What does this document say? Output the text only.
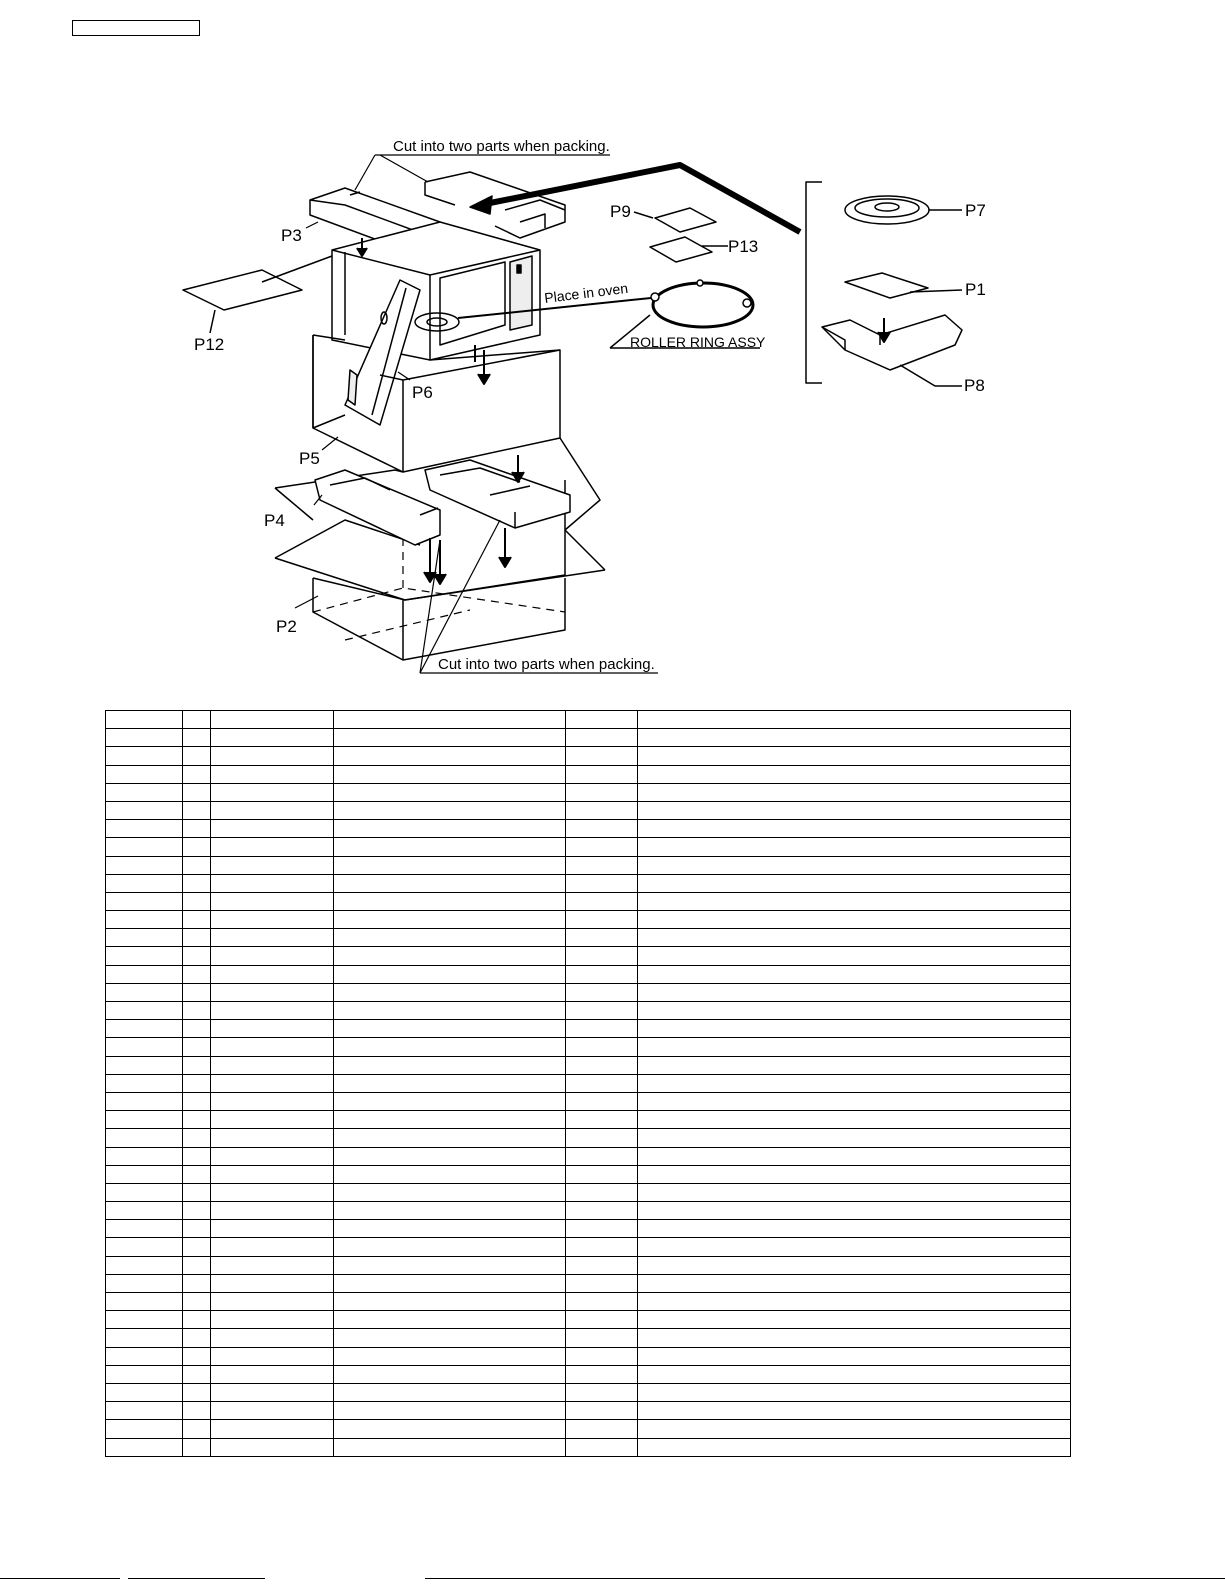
Cut into two parts when packing.
Cut into two parts when packing.
Place in oven
ROLLER RING ASSY
P1
P2
P3
P4
P5
P6
P7
P8
P9
P12
P13
